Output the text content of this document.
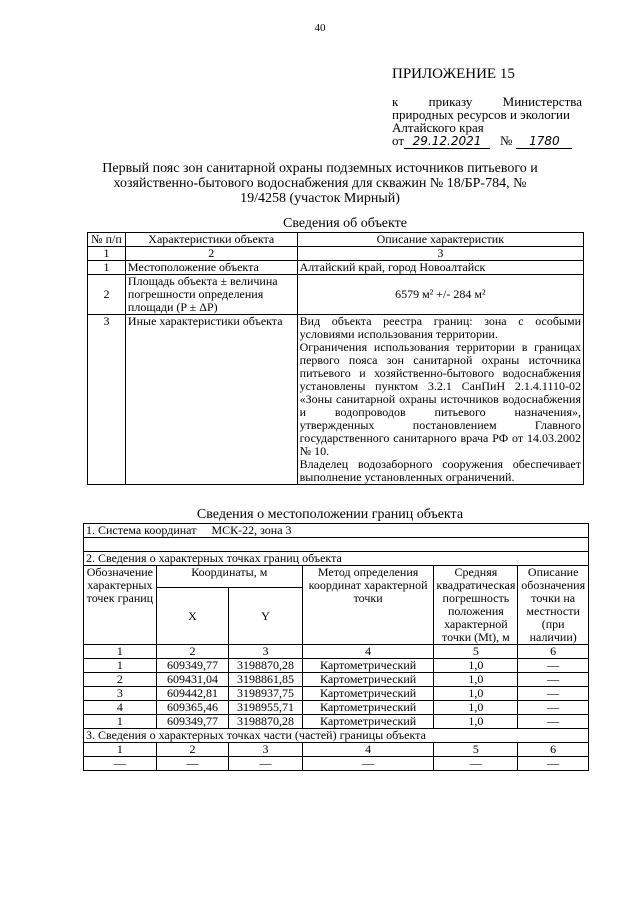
40
ПРИЛОЖЕНИЕ 15
к приказу Министерства природных ресурсов и экологии
Алтайского края
от 29.12.2021	№	1780
Первый пояс зон санитарной охраны подземных источников питьевого и хозяйственно-бытового водоснабжения для скважин № 18/БР-784, № 19/4258 (участок Мирный)
Сведения об объекте
№ п/п	Характеристики объекта	Описание характеристик
1	2	3
1	Местоположение объекта	Алтайский край, город Новоалтайск
2	Площадь объекта ± величина погрешности определения площади (P ± ΔP)	6579 м² +/- 284 м²
3	Иные характеристики объекта	Вид объекта реестра границ: зона с особыми условиями использования территории.
Ограничения использования территории в границах первого пояса зон санитарной охраны источника питьевого и хозяйственно-бытового водоснабжения установлены пунктом 3.2.1 СанПиН 2.1.4.1110-02 «Зоны санитарной охраны источников водоснабжения и водопроводов питьевого назначения», утвержденных постановлением Главного государственного санитарного врача РФ от 14.03.2002 № 10.
Владелец водозаборного сооружения обеспечивает выполнение установленных ограничений.
Сведения о местоположении границ объекта
1. Система координат МСК-22, зона 3					

2. Сведения о характерных точках границ объекта					
Обозначение характерных точек границ	Координаты, м		Метод определения координат характерной точки	Средняя квадратическая погрешность положения характерной точки (Mt), м	Описание обозначения точки на местности (при наличии)
	X	Y			
1	2	3	4	5	6
1	609349,77	3198870,28	Картометрический	1,0	—
2	609431,04	3198861,85	Картометрический	1,0	—
3	609442,81	3198937,75	Картометрический	1,0	—
4	609365,46	3198955,71	Картометрический	1,0	—
1	609349,77	3198870,28	Картометрический	1,0	—
3. Сведения о характерных точках части (частей) границы объекта					
1	2	3	4	5	6
—	—	—	—	—	—
